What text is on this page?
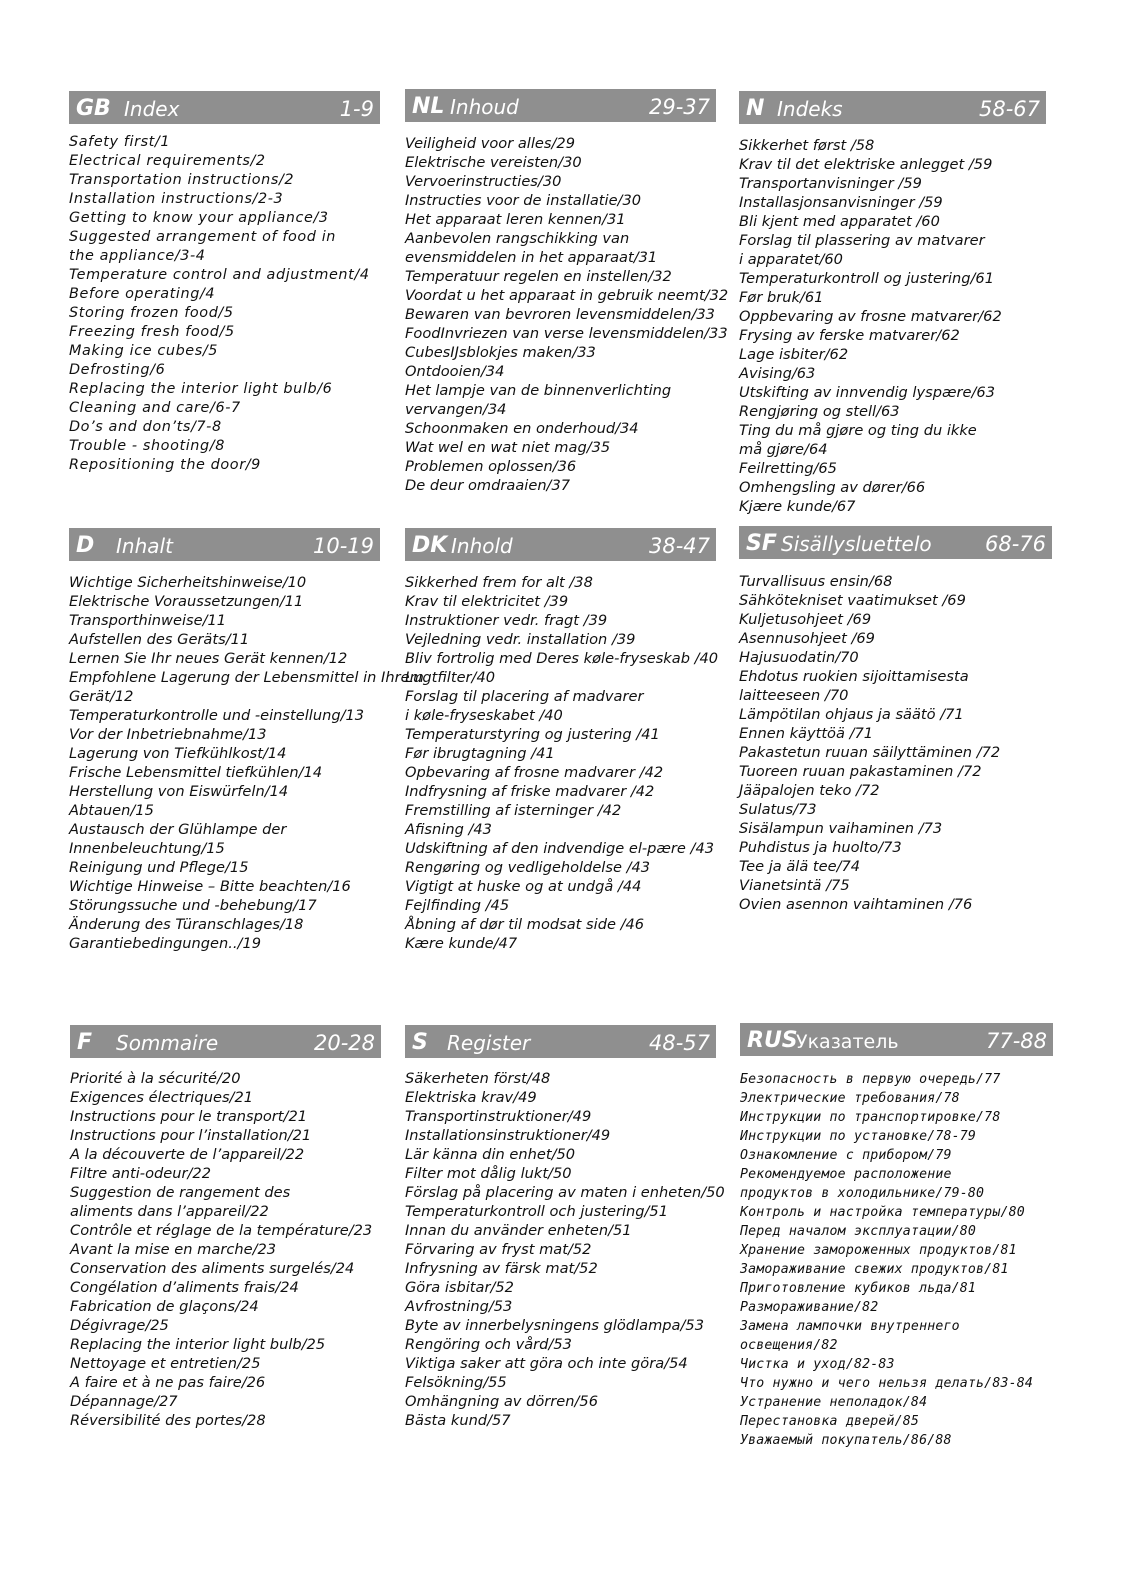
GB Index	1-9
Safety first/1
Electrical requirements/2
Transportation instructions/2
Installation instructions/2-3
Getting to know your appliance/3
Suggested arrangement of food in
the appliance/3-4
Temperature control and adjustment/4
Before operating/4
Storing frozen food/5
Freezing fresh food/5
Making ice cubes/5
Defrosting/6
Replacing the interior light bulb/6
Cleaning and care/6-7
Do’s and don’ts/7-8
Trouble - shooting/8
Repositioning the door/9
NL Inhoud	29-37
Veiligheid voor alles/29
Elektrische vereisten/30
Vervoerinstructies/30
Instructies voor de installatie/30
Het apparaat leren kennen/31
Aanbevolen rangschikking van
evensmiddelen in het apparaat/31
Temperatuur regelen en instellen/32
Voordat u het apparaat in gebruik neemt/32
Bewaren van bevroren levensmiddelen/33
FoodInvriezen van verse levensmiddelen/33
CubesIJsblokjes maken/33
Ontdooien/34
Het lampje van de binnenverlichting
vervangen/34
Schoonmaken en onderhoud/34
Wat wel en wat niet mag/35
Problemen oplossen/36
De deur omdraaien/37
N Indeks	58-67
Sikkerhet først /58
Krav til det elektriske anlegget /59
Transportanvisninger /59
Installasjonsanvisninger /59
Bli kjent med apparatet /60
Forslag til plassering av matvarer
i apparatet/60
Temperaturkontroll og justering/61
Før bruk/61
Oppbevaring av frosne matvarer/62
Frysing av ferske matvarer/62
Lage isbiter/62
Avising/63
Utskifting av innvendig lyspære/63
Rengjøring og stell/63
Ting du må gjøre og ting du ikke
må gjøre/64
Feilretting/65
Omhengsling av dører/66
Kjære kunde/67
D Inhalt	10-19
Wichtige Sicherheitshinweise/10
Elektrische Voraussetzungen/11
Transporthinweise/11
Aufstellen des Geräts/11
Lernen Sie Ihr neues Gerät kennen/12
Empfohlene Lagerung der Lebensmittel in Ihrem
Gerät/12
Temperaturkontrolle und -einstellung/13
Vor der Inbetriebnahme/13
Lagerung von Tiefkühlkost/14
Frische Lebensmittel tiefkühlen/14
Herstellung von Eiswürfeln/14
Abtauen/15
Austausch der Glühlampe der
Innenbeleuchtung/15
Reinigung und Pflege/15
Wichtige Hinweise – Bitte beachten/16
Störungssuche und -behebung/17
Änderung des Türanschlages/18
Garantiebedingungen../19
DK Inhold	38-47
Sikkerhed frem for alt /38
Krav til elektricitet /39
Instruktioner vedr. fragt /39
Vejledning vedr. installation /39
Bliv fortrolig med Deres køle-fryseskab /40
Lugtfilter/40
Forslag til placering af madvarer
i køle-fryseskabet /40
Temperaturstyring og justering /41
Før ibrugtagning /41
Opbevaring af frosne madvarer /42
Indfrysning af friske madvarer /42
Fremstilling af isterninger /42
Afisning /43
Udskiftning af den indvendige el-pære /43
Rengøring og vedligeholdelse /43
Vigtigt at huske og at undgå /44
Fejlfinding /45
Åbning af dør til modsat side /46
Kære kunde/47
SF Sisällysluettelo	68-76
Turvallisuus ensin/68
Sähkötekniset vaatimukset /69
Kuljetusohjeet /69
Asennusohjeet /69
Hajusuodatin/70
Ehdotus ruokien sijoittamisesta
laitteeseen /70
Lämpötilan ohjaus ja säätö /71
Ennen käyttöä /71
Pakastetun ruuan säilyttäminen /72
Tuoreen ruuan pakastaminen /72
Jääpalojen teko /72
Sulatus/73
Sisälampun vaihaminen /73
Puhdistus ja huolto/73
Tee ja älä tee/74
Vianetsintä /75
Ovien asennon vaihtaminen /76
F Sommaire	20-28
Priorité à la sécurité/20
Exigences électriques/21
Instructions pour le transport/21
Instructions pour l’installation/21
A la découverte de l’appareil/22
Filtre anti-odeur/22
Suggestion de rangement des
aliments dans l’appareil/22
Contrôle et réglage de la température/23
Avant la mise en marche/23
Conservation des aliments surgelés/24
Congélation d’aliments frais/24
Fabrication de glaçons/24
Dégivrage/25
Replacing the interior light bulb/25
Nettoyage et entretien/25
A faire et à ne pas faire/26
Dépannage/27
Réversibilité des portes/28
S Register	48-57
Säkerheten först/48
Elektriska krav/49
Transportinstruktioner/49
Installationsinstruktioner/49
Lär känna din enhet/50
Filter mot dålig lukt/50
Förslag på placering av maten i enheten/50
Temperaturkontroll och justering/51
Innan du använder enheten/51
Förvaring av fryst mat/52
Infrysning av färsk mat/52
Göra isbitar/52
Avfrostning/53
Byte av innerbelysningens glödlampa/53
Rengöring och vård/53
Viktiga saker att göra och inte göra/54
Felsökning/55
Omhängning av dörren/56
Bästa kund/57
RUS
Указатель	77-88
Безопасность в первую очередь/77
Электрические требования/78
Инструкции по транспортировке/78
Инструкции по установке/78-79
Ознакомление с прибором/79
Рекомендуемое расположение
продуктов в холодильнике/79-80
Контроль и настройка температуры/80
Перед началом эксплуатации/80
Хранение замороженных продуктов/81
Замораживание свежих продуктов/81
Приготовление кубиков льда/81
Размораживание/82
Замена лампочки внутреннего
освещения/82
Чистка и уход/82-83
Что нужно и чего нельзя делать/83-84
Устранение неполадок/84
Перестановка дверей/85
Уважаемый покупатель/86/88
